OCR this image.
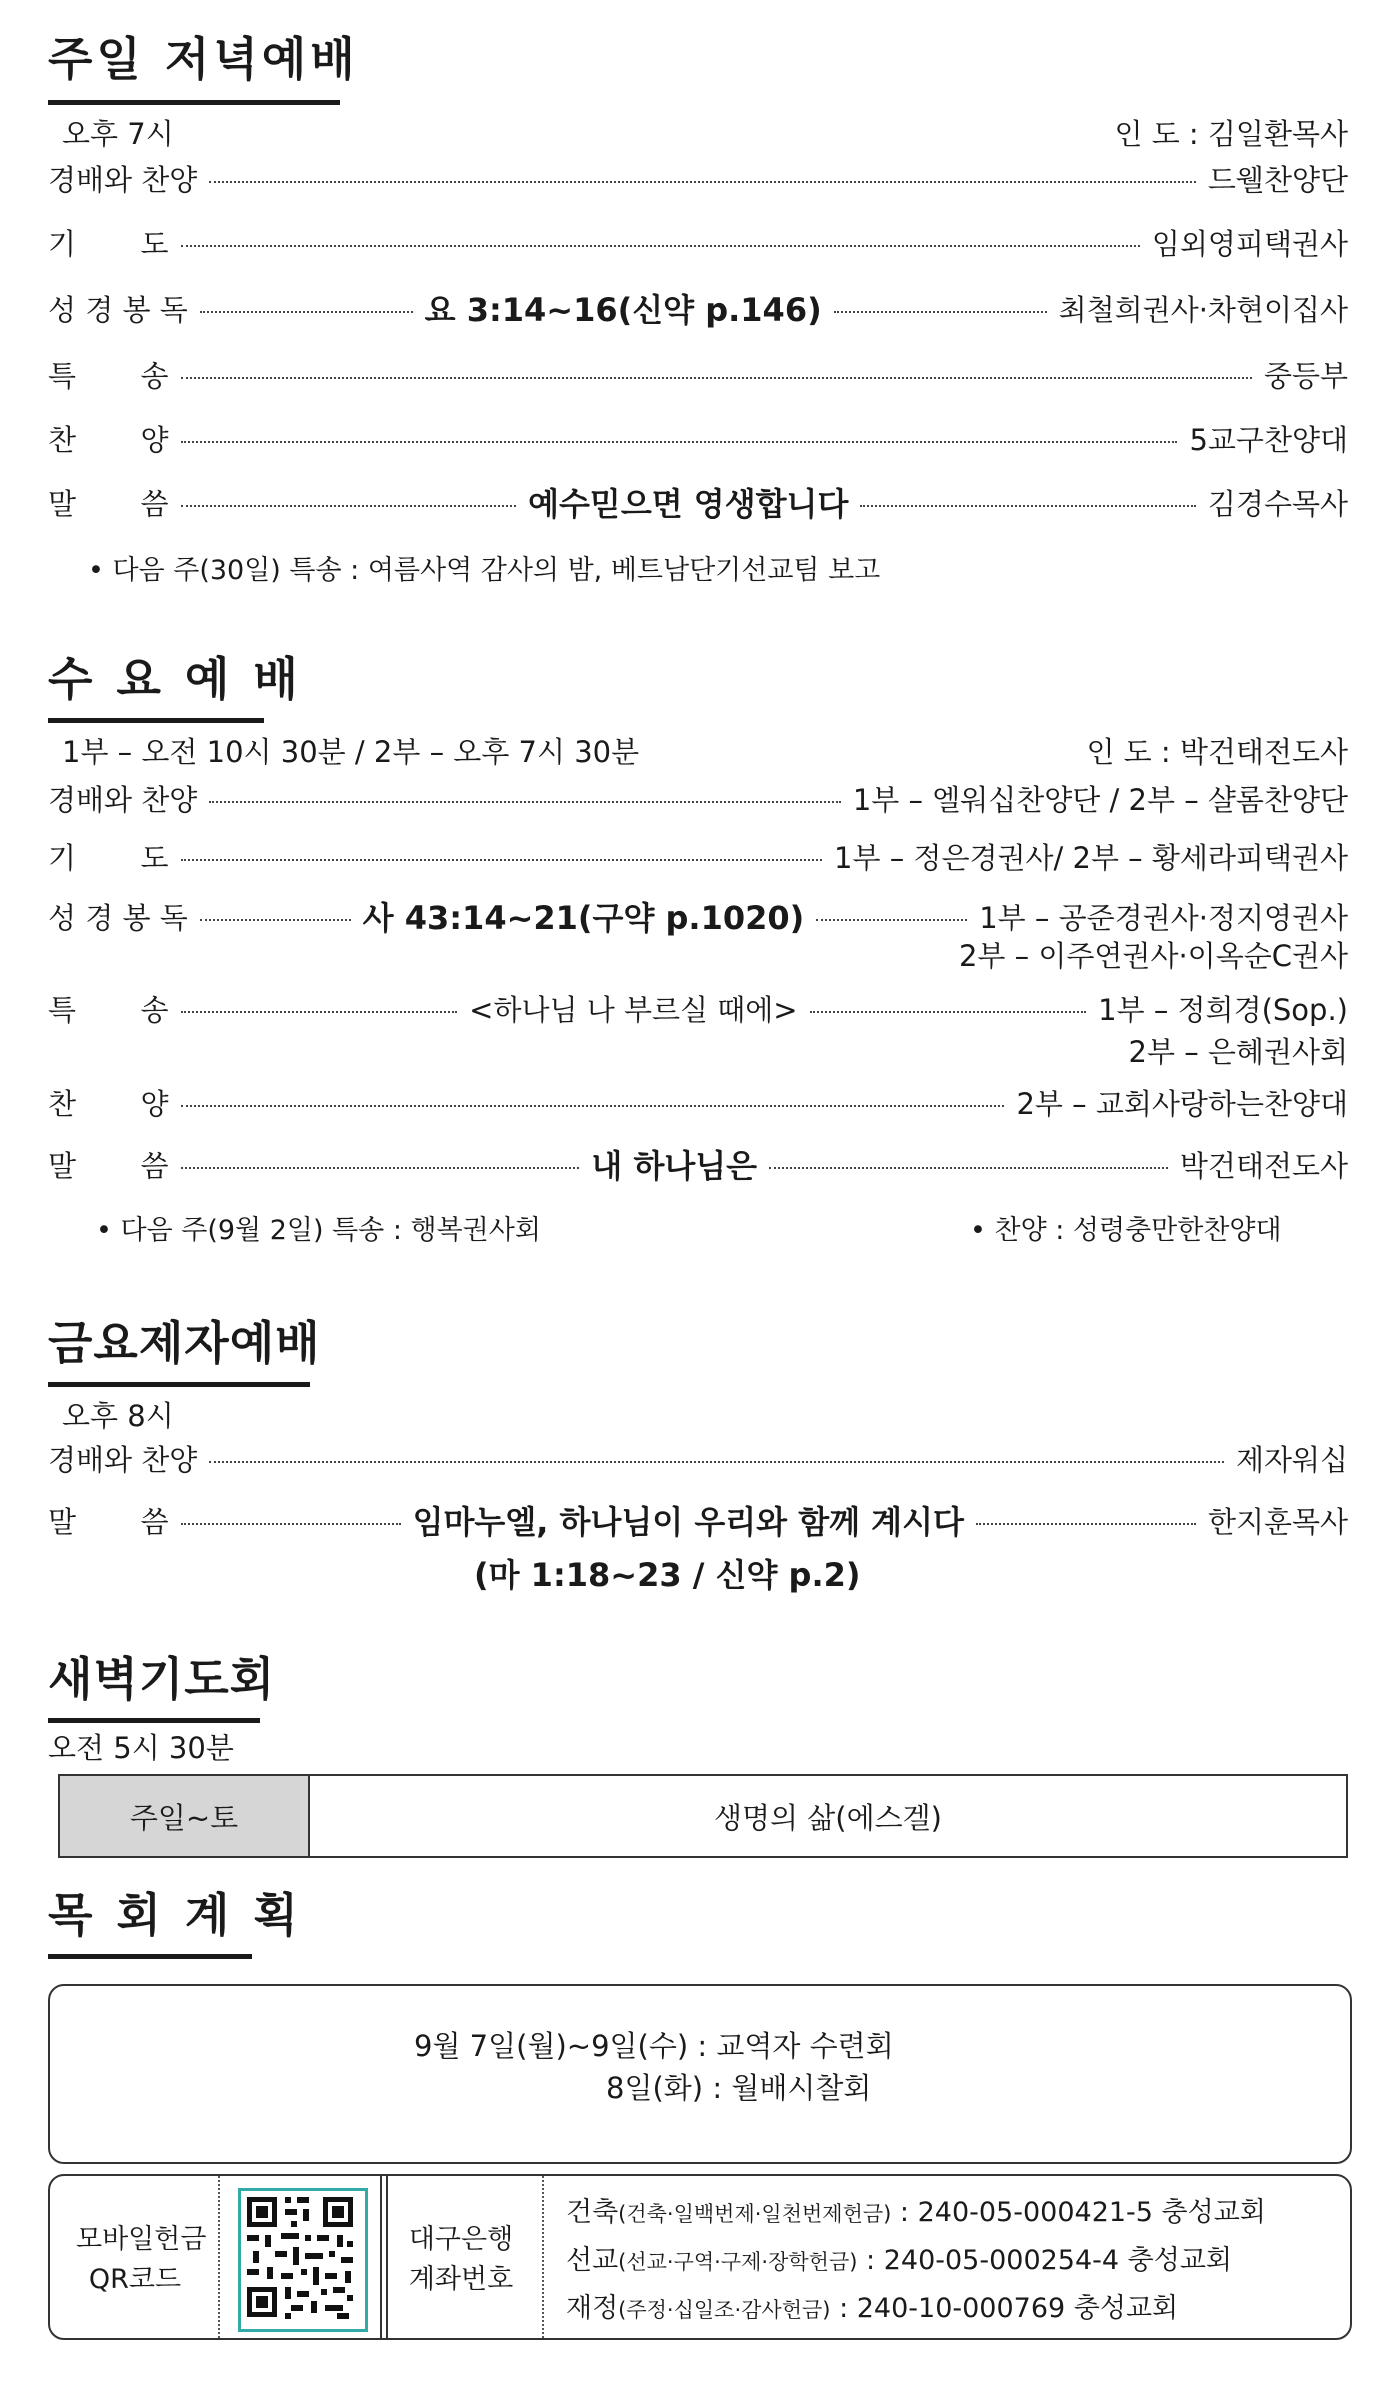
주일 저녁예배
오후 7시	인 도 : 김일환목사
경배와 찬양	드웰찬양단
기       도	임외영피택권사
성 경 봉 독	요 3:14~16(신약 p.146)	최철희권사·차현이집사
특       송	중등부
찬       양	5교구찬양대
말       씀	예수믿으면 영생합니다	김경수목사
• 다음 주(30일) 특송 : 여름사역 감사의 밤, 베트남단기선교팀 보고
수 요 예 배
1부 – 오전 10시 30분 / 2부 – 오후 7시 30분	인 도 : 박건태전도사
경배와 찬양	1부 – 엘워십찬양단 / 2부 – 샬롬찬양단
기       도	1부 – 정은경권사/ 2부 – 황세라피택권사
성 경 봉 독	사 43:14~21(구약 p.1020)	1부 – 공준경권사·정지영권사
2부 – 이주연권사·이옥순C권사
특       송	<하나님 나 부르실 때에>	1부 – 정희경(Sop.)
2부 – 은혜권사회
찬       양	2부 – 교회사랑하는찬양대
말       씀	내 하나님은	박건태전도사
• 다음 주(9월 2일) 특송 : 행복권사회	• 찬양 : 성령충만한찬양대
금요제자예배
오후 8시
경배와 찬양	제자워십
말       씀	임마누엘, 하나님이 우리와 함께 계시다	한지훈목사
(마 1:18~23 / 신약 p.2)
새벽기도회
오전 5시 30분
주일~토	생명의 삶(에스겔)
목 회 계 획
9월 7일(월)~9일(수) : 교역자 수련회
8일(화) : 월배시찰회
모바일헌금
QR코드
대구은행
계좌번호
건축(건축·일백번제·일천번제헌금) : 240-05-000421-5 충성교회
선교(선교·구역·구제·장학헌금) : 240-05-000254-4 충성교회
재정(주정·십일조·감사헌금) : 240-10-000769 충성교회
